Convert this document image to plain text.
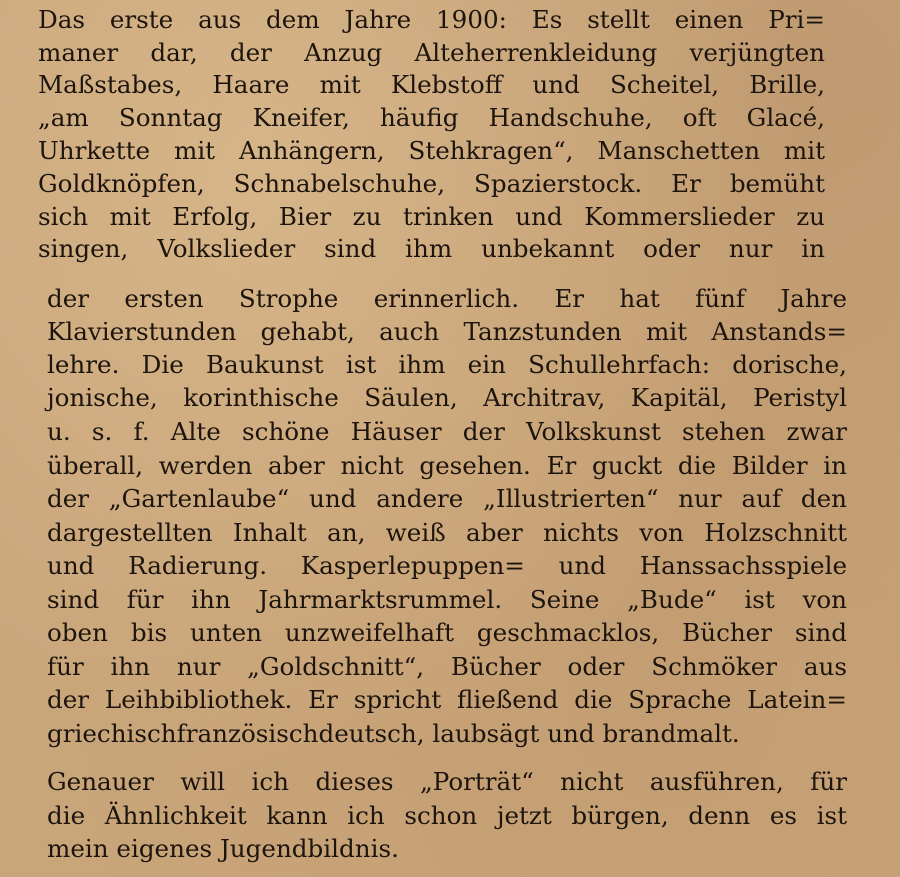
Das erste aus dem Jahre 1900: Es stellt einen Pri=
maner dar, der Anzug Alteherrenkleidung verjüngten
Maßstabes, Haare mit Klebstoff und Scheitel, Brille,
„am Sonntag Kneifer, häufig Handschuhe, oft Glacé,
Uhrkette mit Anhängern, Stehkragen“, Manschetten mit
Goldknöpfen, Schnabelschuhe, Spazierstock. Er bemüht
sich mit Erfolg, Bier zu trinken und Kommerslieder zu
singen, Volkslieder sind ihm unbekannt oder nur in
der ersten Strophe erinnerlich. Er hat fünf Jahre
Klavierstunden gehabt, auch Tanzstunden mit Anstands=
lehre. Die Baukunst ist ihm ein Schullehrfach: dorische,
jonische, korinthische Säulen, Architrav, Kapitäl, Peristyl
u. s. f. Alte schöne Häuser der Volkskunst stehen zwar
überall, werden aber nicht gesehen. Er guckt die Bilder in
der „Gartenlaube“ und andere „Illustrierten“ nur auf den
dargestellten Inhalt an, weiß aber nichts von Holzschnitt
und Radierung. Kasperlepuppen= und Hanssachsspiele
sind für ihn Jahrmarktsrummel. Seine „Bude“ ist von
oben bis unten unzweifelhaft geschmacklos, Bücher sind
für ihn nur „Goldschnitt“, Bücher oder Schmöker aus
der Leihbibliothek. Er spricht fließend die Sprache Latein=
griechischfranzösischdeutsch, laubsägt und brandmalt.
Genauer will ich dieses „Porträt“ nicht ausführen, für
die Ähnlichkeit kann ich schon jetzt bürgen, denn es ist
mein eigenes Jugendbildnis.
